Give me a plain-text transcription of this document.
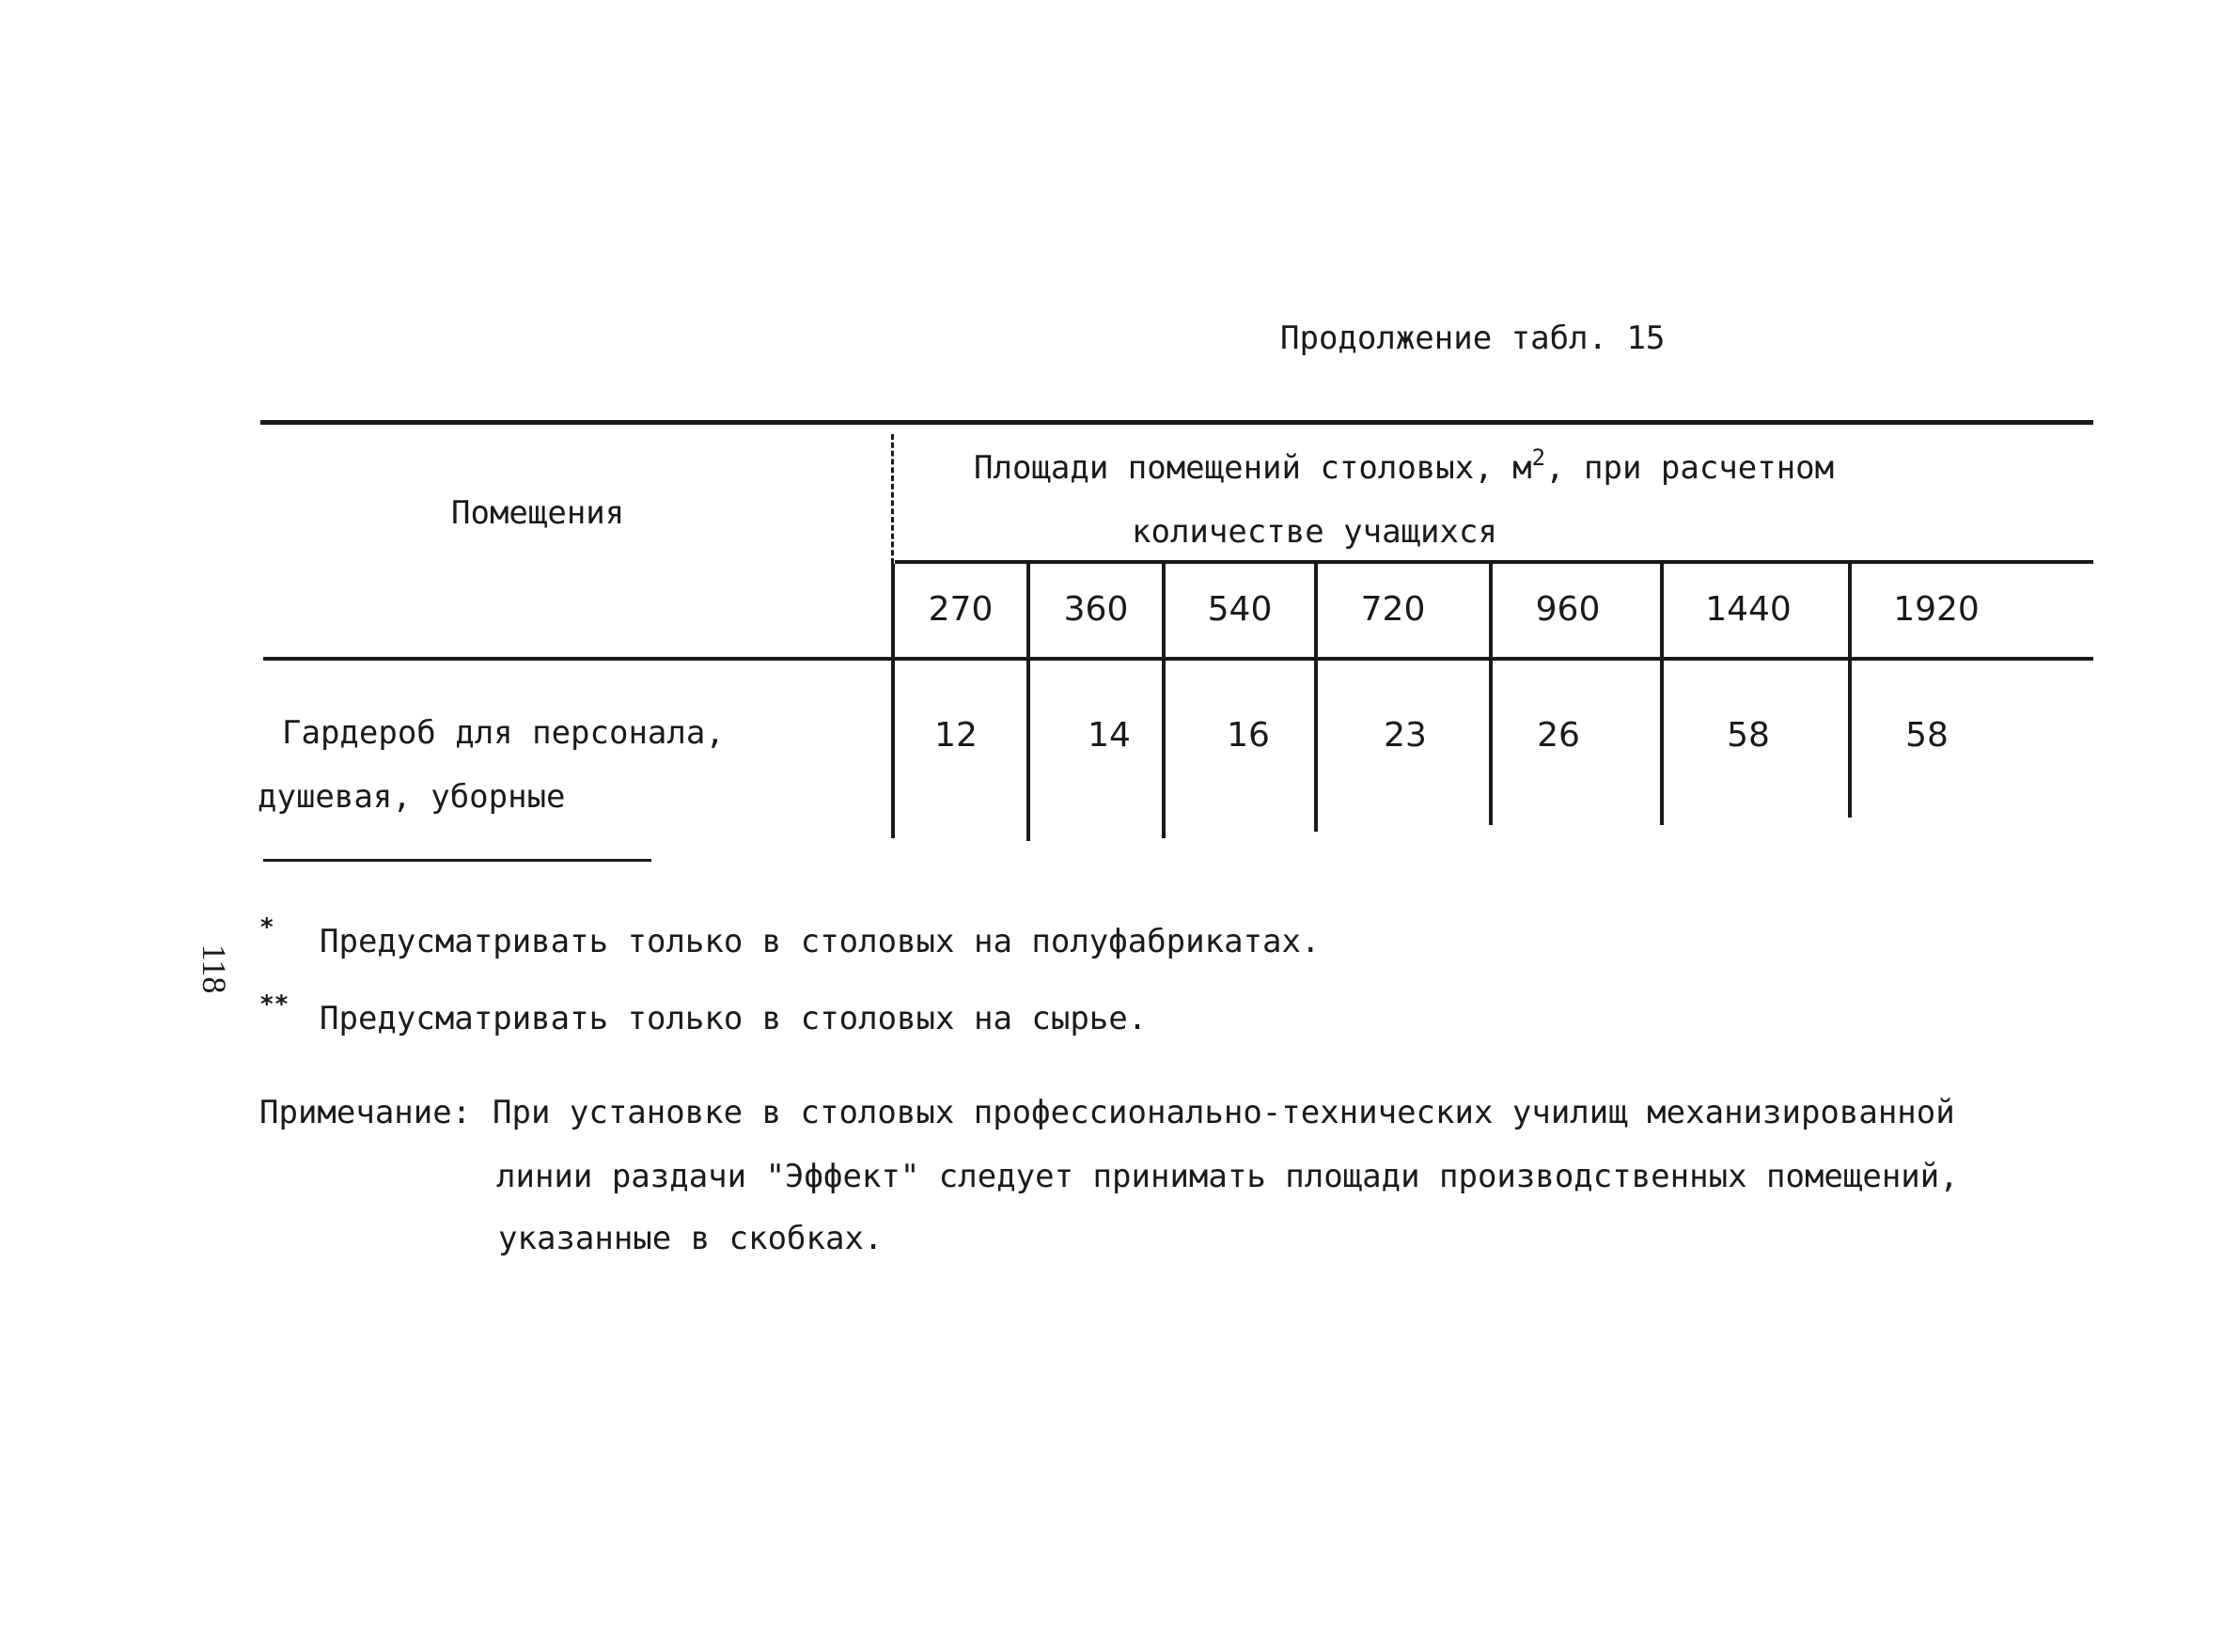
Продолжение табл. 15
Помещения
Площади помещений столовых, $м^2$, при расчетном
количестве учащихся
270	360	540	720	960	1440	1920
Гардероб для персонала,
душевая, уборные
12	14	16	23	26	58	58
118
* Предусматривать только в столовых на полуфабрикатах.
** Предусматривать только в столовых на сырье.
Примечание: При установке в столовых профессионально-технических училищ механизированной
линии раздачи "Эффект" следует принимать площади производственных помещений,
указанные в скобках.
